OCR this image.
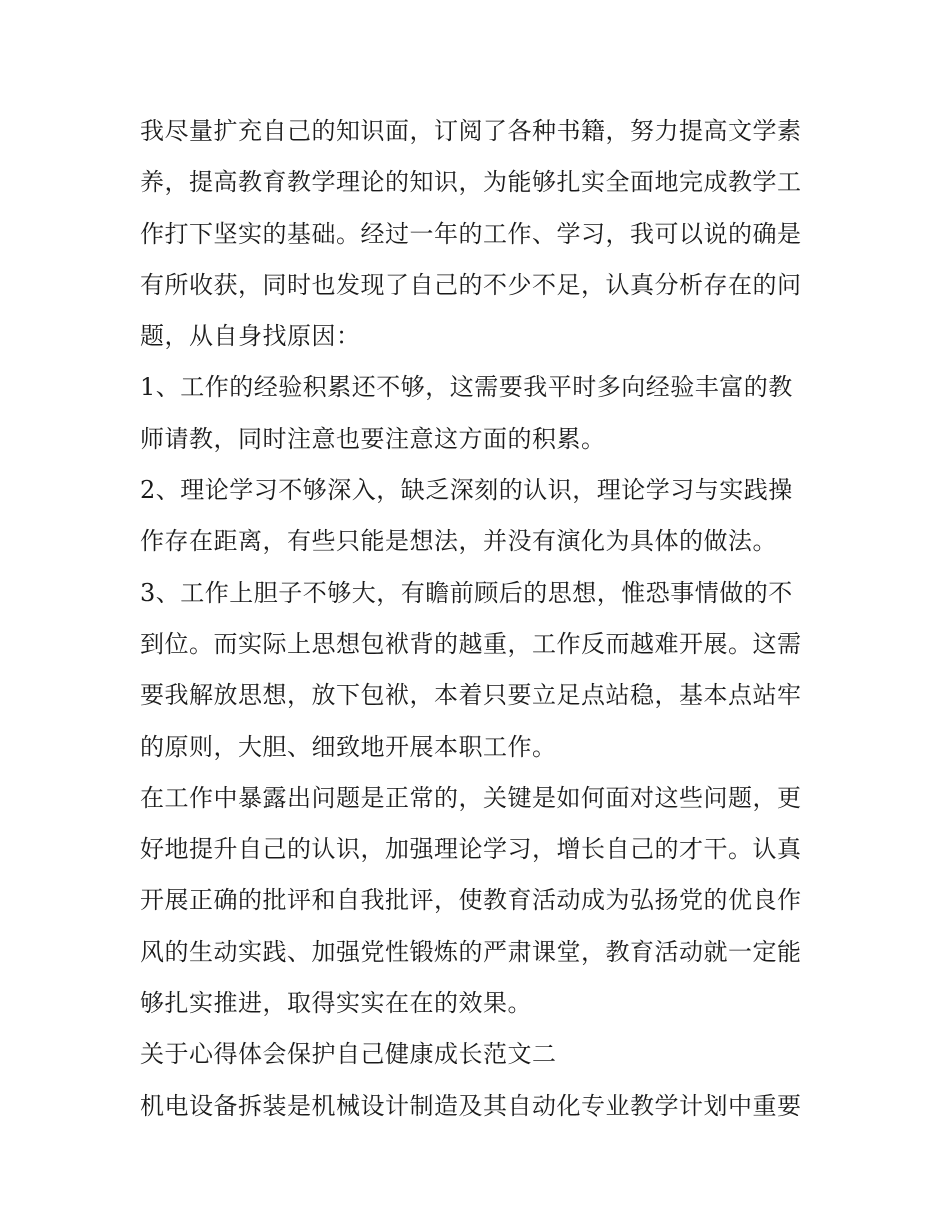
我尽量扩充自己的知识面，订阅了各种书籍，努力提高文学素
养，提高教育教学理论的知识，为能够扎实全面地完成教学工
作打下坚实的基础。经过一年的工作、学习，我可以说的确是
有所收获，同时也发现了自己的不少不足，认真分析存在的问
题，从自身找原因：
1、工作的经验积累还不够，这需要我平时多向经验丰富的教
师请教，同时注意也要注意这方面的积累。
2、理论学习不够深入，缺乏深刻的认识，理论学习与实践操
作存在距离，有些只能是想法，并没有演化为具体的做法。
3、工作上胆子不够大，有瞻前顾后的思想，惟恐事情做的不
到位。而实际上思想包袱背的越重，工作反而越难开展。这需
要我解放思想，放下包袱，本着只要立足点站稳，基本点站牢
的原则，大胆、细致地开展本职工作。
在工作中暴露出问题是正常的，关键是如何面对这些问题，更
好地提升自己的认识，加强理论学习，增长自己的才干。认真
开展正确的批评和自我批评，使教育活动成为弘扬党的优良作
风的生动实践、加强党性锻炼的严肃课堂，教育活动就一定能
够扎实推进，取得实实在在的效果。
关于心得体会保护自己健康成长范文二
机电设备拆装是机械设计制造及其自动化专业教学计划中重要
